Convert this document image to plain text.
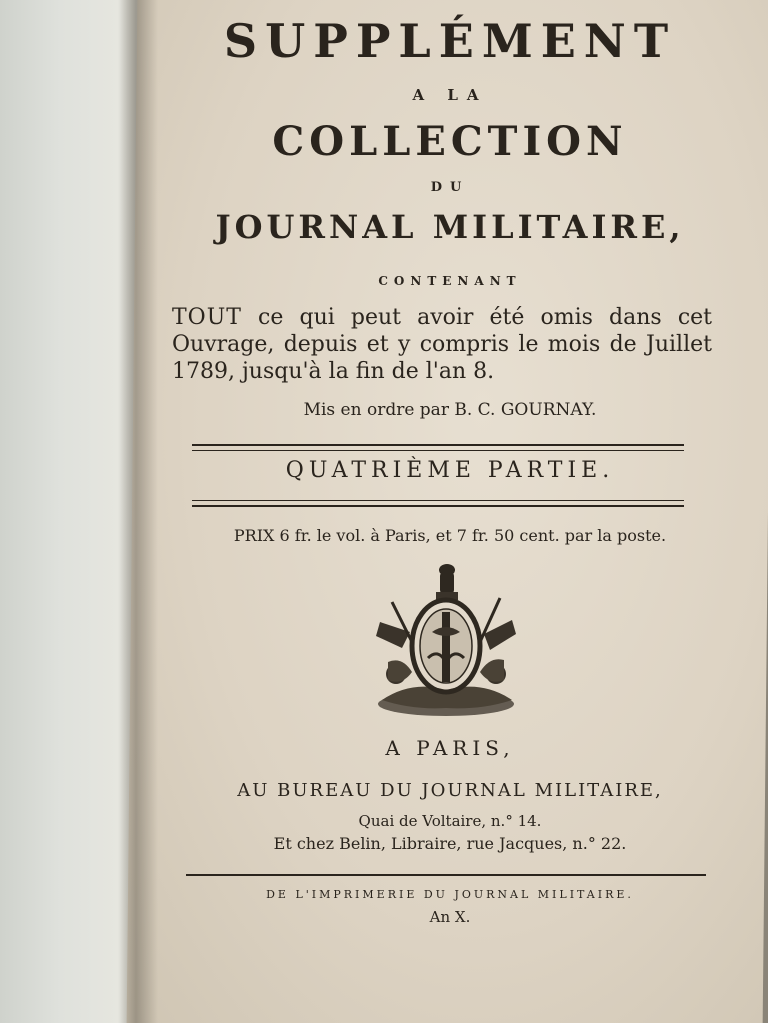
SUPPLÉMENT
A LA
COLLECTION
DU
JOURNAL MILITAIRE,
CONTENANT
TOUT ce qui peut avoir été omis dans cet Ouvrage, depuis et y compris le mois de Juillet 1789, jusqu'à la fin de l'an 8.
Mis en ordre par B. C. GOURNAY.
QUATRIÈME PARTIE.
PRIX 6 fr. le vol. à Paris, et 7 fr. 50 cent. par la poste.
A PARIS,
AU BUREAU DU JOURNAL MILITAIRE,
Quai de Voltaire, n.° 14.
Et chez Belin, Libraire, rue Jacques, n.° 22.
DE L'IMPRIMERIE DU JOURNAL MILITAIRE.
An X.
